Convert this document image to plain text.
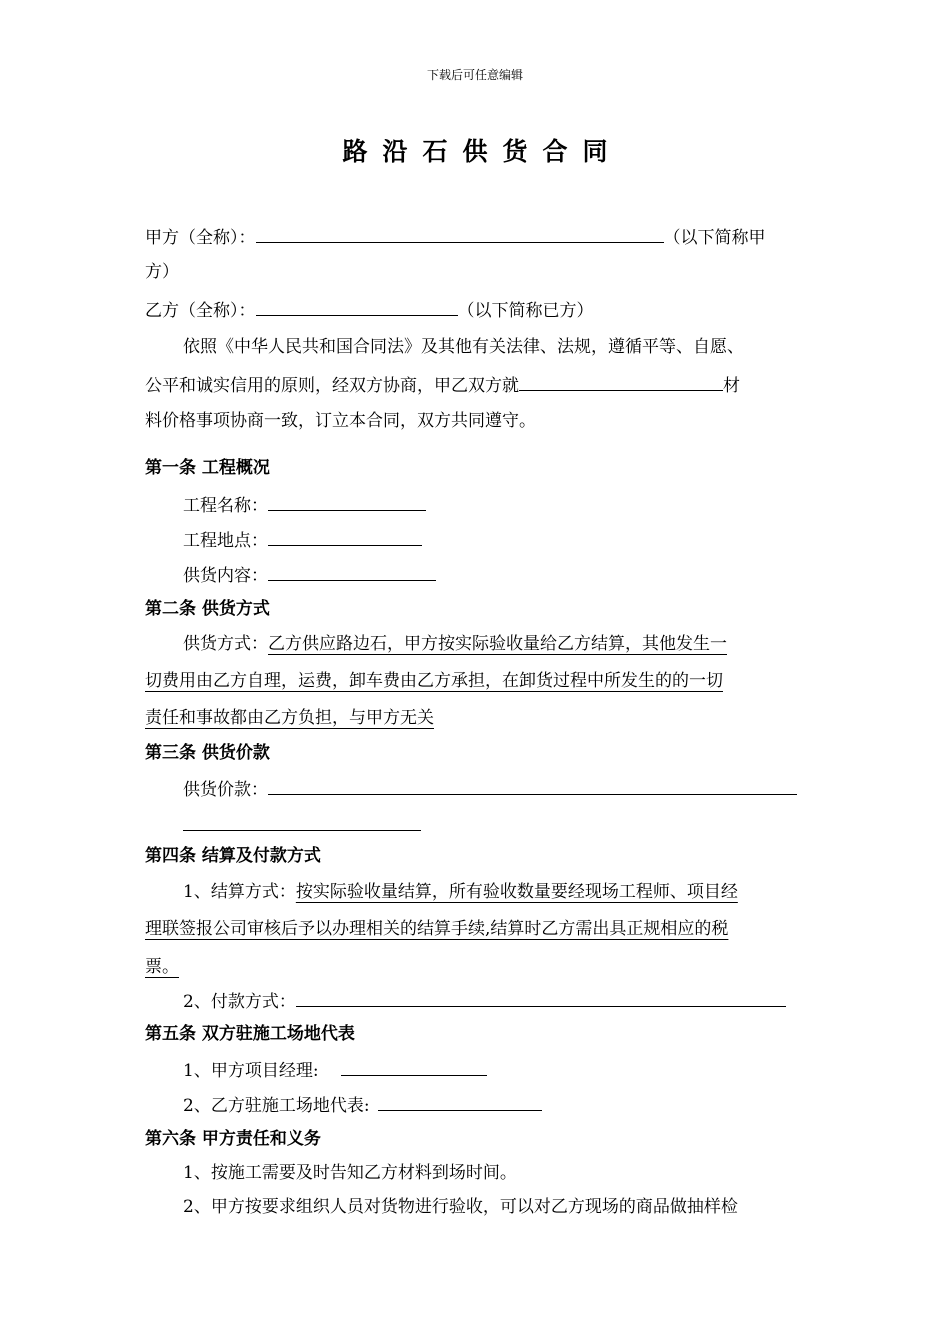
下载后可任意编辑
路沿石供货合同
甲方（全称）：	（以下简称甲
方）
乙方（全称）：	（以下简称已方）
依照《中华人民共和国合同法》及其他有关法律、法规，遵循平等、自愿、
公平和诚实信用的原则，经双方协商，甲乙双方就	材
料价格事项协商一致，订立本合同，双方共同遵守。
第一条 工程概况
工程名称：
工程地点：
供货内容：
第二条 供货方式
供货方式：乙方供应路边石，甲方按实际验收量给乙方结算，其他发生一
切费用由乙方自理，运费，卸车费由乙方承担，在卸货过程中所发生的的一切
责任和事故都由乙方负担，与甲方无关
第三条 供货价款
供货价款：
第四条 结算及付款方式
1、结算方式：按实际验收量结算，所有验收数量要经现场工程师、项目经
理联签报公司审核后予以办理相关的结算手续,结算时乙方需出具正规相应的税
票。
2、付款方式：
第五条 双方驻施工场地代表
1、甲方项目经理:
2、乙方驻施工场地代表:
第六条 甲方责任和义务
1、按施工需要及时告知乙方材料到场时间。
2、甲方按要求组织人员对货物进行验收，可以对乙方现场的商品做抽样检
